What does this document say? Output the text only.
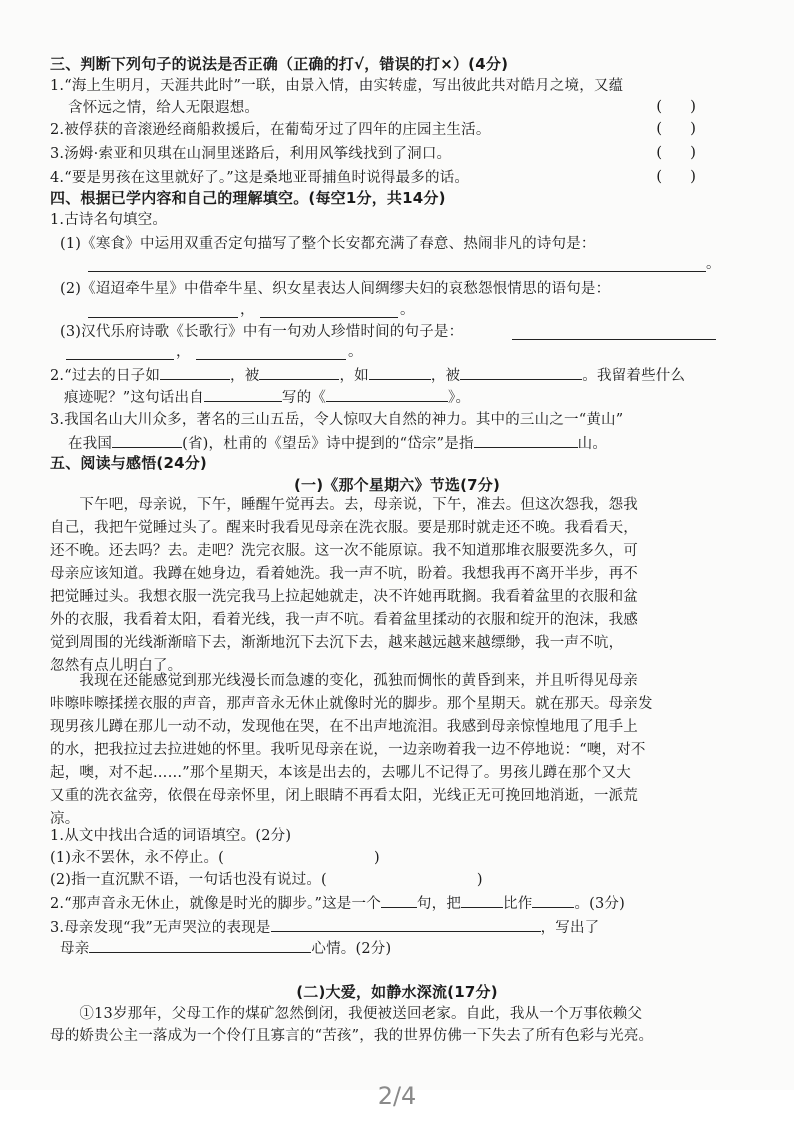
三、判断下列句子的说法是否正确（正确的打√，错误的打×）(4分)
1.“海上生明月，天涯共此时”一联，由景入情，由实转虚，写出彼此共对皓月之境，又蕴
含怀远之情，给人无限遐想。	()
2.被俘获的音滚逊经商船救援后，在葡萄牙过了四年的庄园主生活。	()
3.汤姆·索亚和贝琪在山洞里迷路后，利用风筝线找到了洞口。	()
4.“要是男孩在这里就好了。”这是桑地亚哥捕鱼时说得最多的话。	()
四、根据已学内容和自己的理解填空。(每空1分，共14分)
1.古诗名句填空。
(1)《寒食》中运用双重否定句描写了整个长安都充满了春意、热闹非凡的诗句是：
。
(2)《迢迢牵牛星》中借牵牛星、织女星表达人间绸缪夫妇的哀愁怨恨情思的语句是：
，	。
(3)汉代乐府诗歌《长歌行》中有一句劝人珍惜时间的句子是：
，	。
2.“过去的日子如	，被	，如	，被	。我留着些什么
痕迹呢？”这句话出自	写的《	》。
3.我国名山大川众多，著名的三山五岳，令人惊叹大自然的神力。其中的三山之一“黄山”
在我国	(省)，杜甫的《望岳》诗中提到的“岱宗”是指	山。
五、阅读与感悟(24分)
(一)《那个星期六》节选(7分)
　　下午吧，母亲说，下午，睡醒午觉再去。去，母亲说，下午，准去。但这次怨我，怨我
自己，我把午觉睡过头了。醒来时我看见母亲在洗衣服。要是那时就走还不晚。我看看天，
还不晚。还去吗？去。走吧？洗完衣服。这一次不能原谅。我不知道那堆衣服要洗多久，可
母亲应该知道。我蹲在她身边，看着她洗。我一声不吭，盼着。我想我再不离开半步，再不
把觉睡过头。我想衣服一洗完我马上拉起她就走，决不许她再耽搁。我看着盆里的衣服和盆
外的衣服，我看着太阳，看着光线，我一声不吭。看着盆里揉动的衣服和绽开的泡沫，我感
觉到周围的光线渐渐暗下去，渐渐地沉下去沉下去，越来越远越来越缥缈，我一声不吭，
忽然有点儿明白了。
　　我现在还能感觉到那光线漫长而急遽的变化，孤独而惆怅的黄昏到来，并且听得见母亲
咔嚓咔嚓揉搓衣服的声音，那声音永无休止就像时光的脚步。那个星期天。就在那天。母亲发
现男孩儿蹲在那儿一动不动，发现他在哭，在不出声地流泪。我感到母亲惊惶地甩了甩手上
的水，把我拉过去拉进她的怀里。我听见母亲在说，一边亲吻着我一边不停地说：“噢，对不
起，噢，对不起……”那个星期天，本该是出去的，去哪儿不记得了。男孩儿蹲在那个又大
又重的洗衣盆旁，依偎在母亲怀里，闭上眼睛不再看太阳，光线正无可挽回地消逝，一派荒
凉。
1.从文中找出合适的词语填空。(2分)
(1)永不罢休，永不停止。(	)
(2)指一直沉默不语，一句话也没有说过。(	)
2.“那声音永无休止，就像是时光的脚步。”这是一个 句，把	比作	。(3分)
3.母亲发现“我”无声哭泣的表现是	，写出了
母亲	心情。(2分)
(二)大爱，如静水深流(17分)
　　①13岁那年，父母工作的煤矿忽然倒闭，我便被送回老家。自此，我从一个万事依赖父
母的娇贵公主一落成为一个伶仃且寡言的“苦孩”，我的世界仿佛一下失去了所有色彩与光亮。
2/4
